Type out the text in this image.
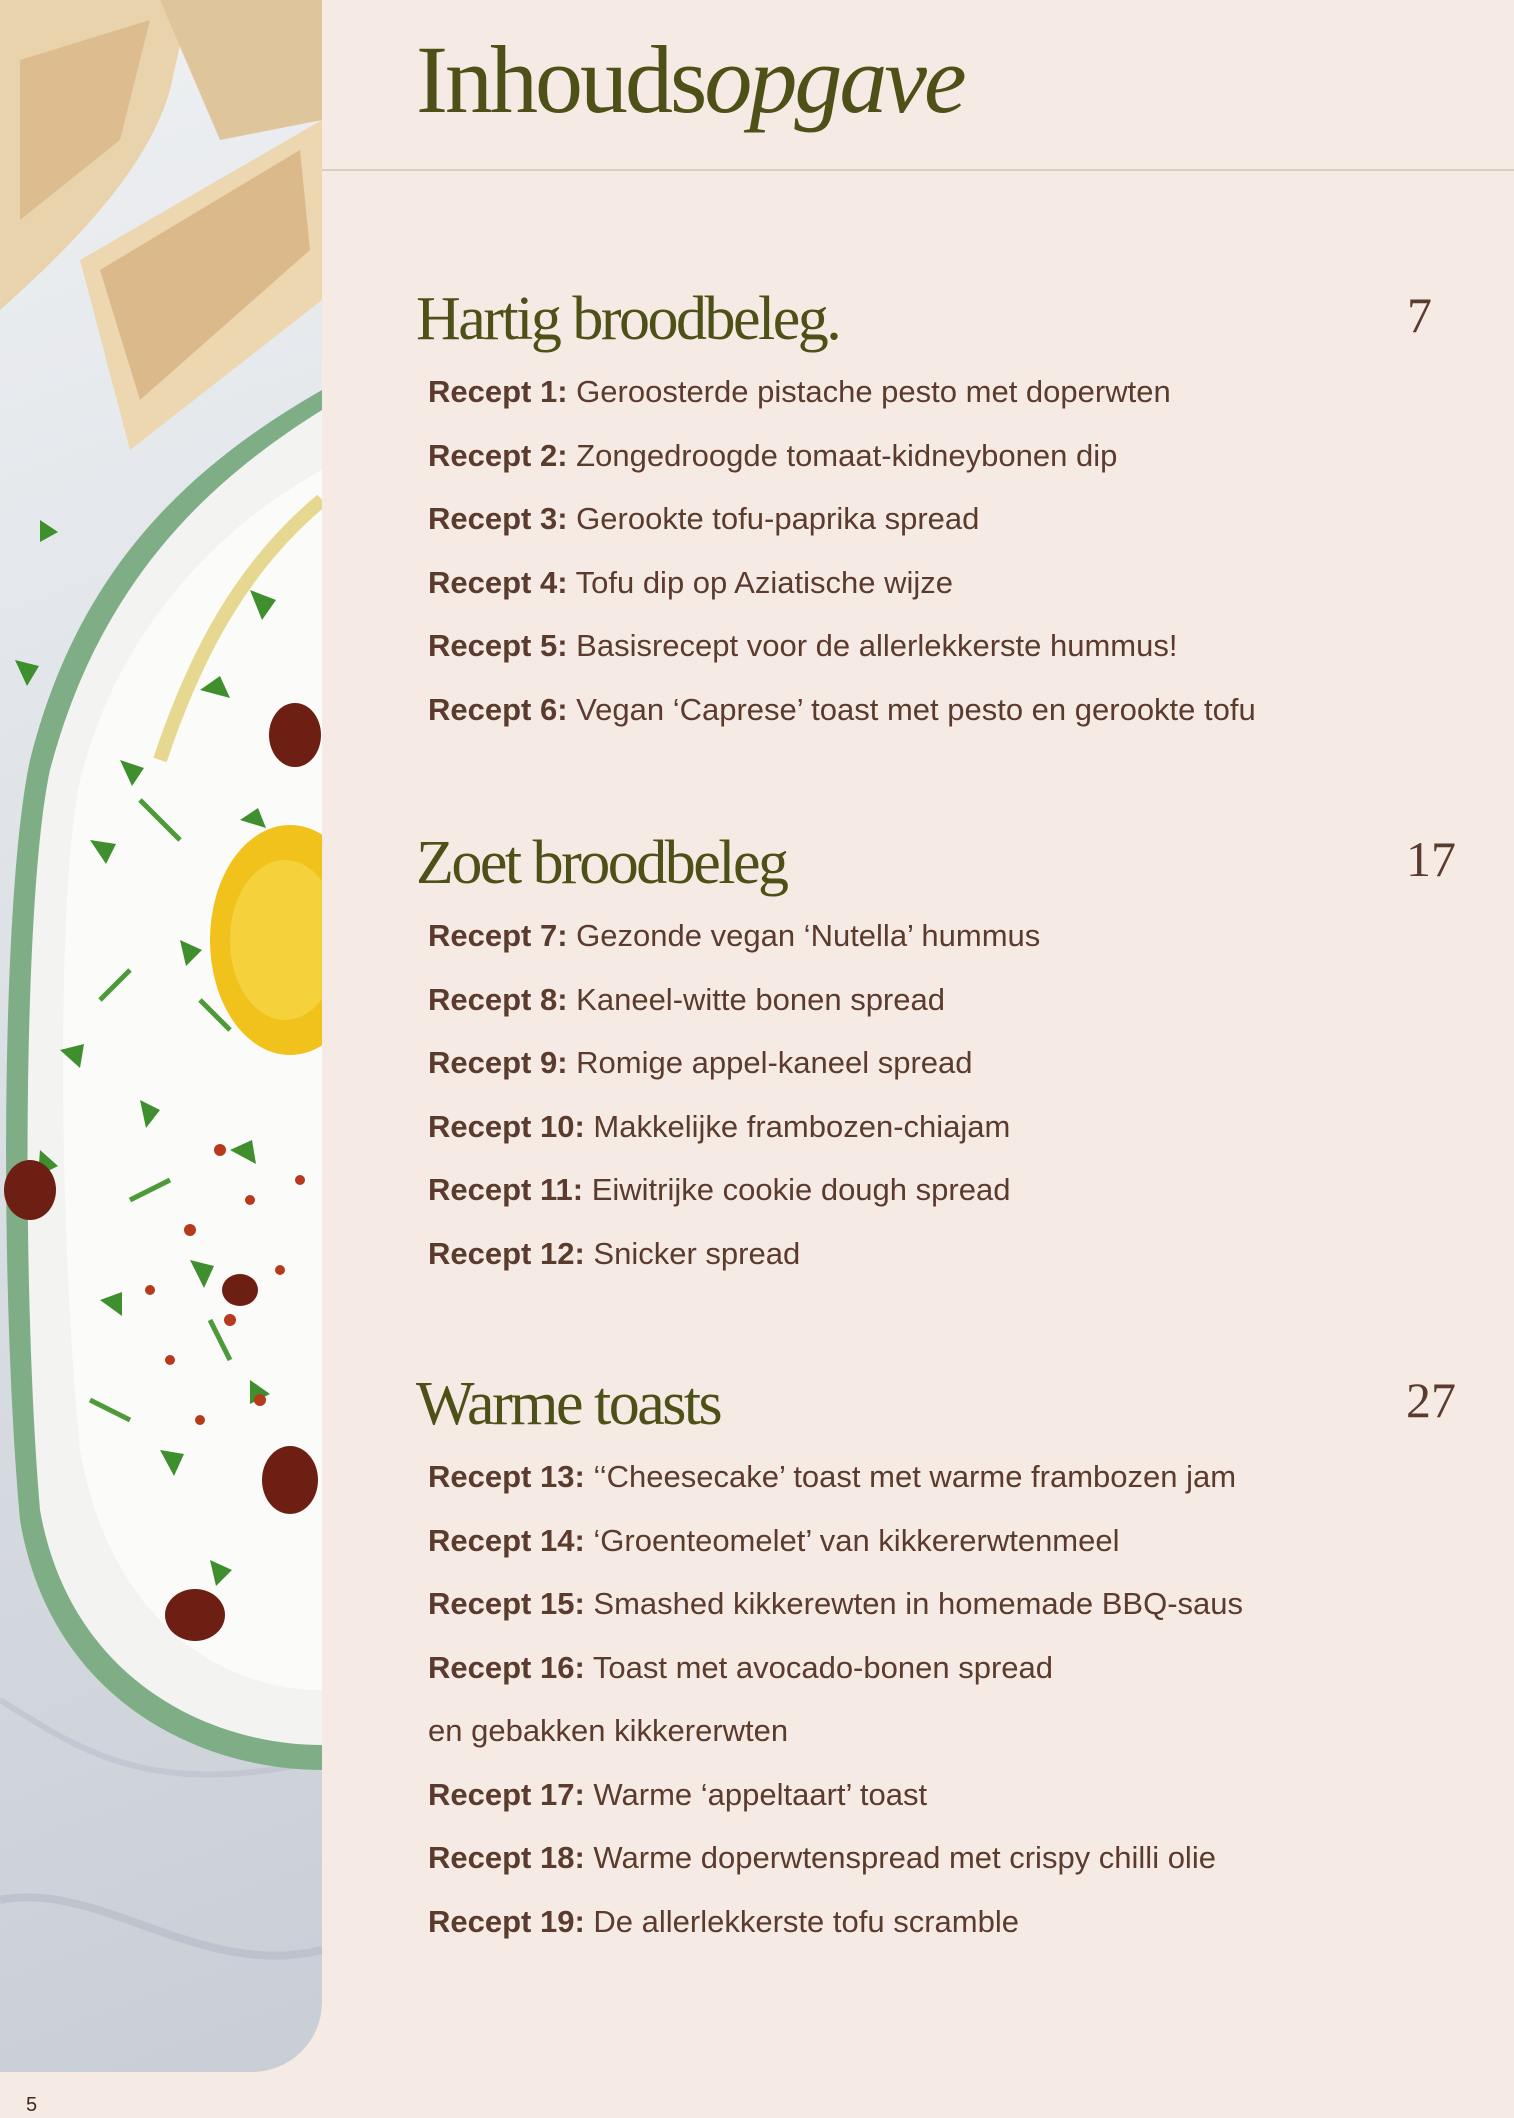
Inhoudsopgave
Hartig broodbeleg.	7
Recept 1: Geroosterde pistache pesto met doperwten
Recept 2: Zongedroogde tomaat-kidneybonen dip
Recept 3: Gerookte tofu-paprika spread
Recept 4: Tofu dip op Aziatische wijze
Recept 5: Basisrecept voor de allerlekkerste hummus!
Recept 6: Vegan ‘Caprese’ toast met pesto en gerookte tofu
Zoet broodbeleg	17
Recept 7: Gezonde vegan ‘Nutella’ hummus
Recept 8: Kaneel-witte bonen spread
Recept 9: Romige appel-kaneel spread
Recept 10: Makkelijke frambozen-chiajam
Recept 11: Eiwitrijke cookie dough spread
Recept 12: Snicker spread
Warme toasts	27
Recept 13: ‘‘Cheesecake’ toast met warme frambozen jam
Recept 14: ‘Groenteomelet’ van kikkererwtenmeel
Recept 15: Smashed kikkerewten in homemade BBQ-saus
Recept 16: Toast met avocado-bonen spread
en gebakken kikkererwten
Recept 17: Warme ‘appeltaart’ toast
Recept 18: Warme doperwtenspread met crispy chilli olie
Recept 19: De allerlekkerste tofu scramble
5
